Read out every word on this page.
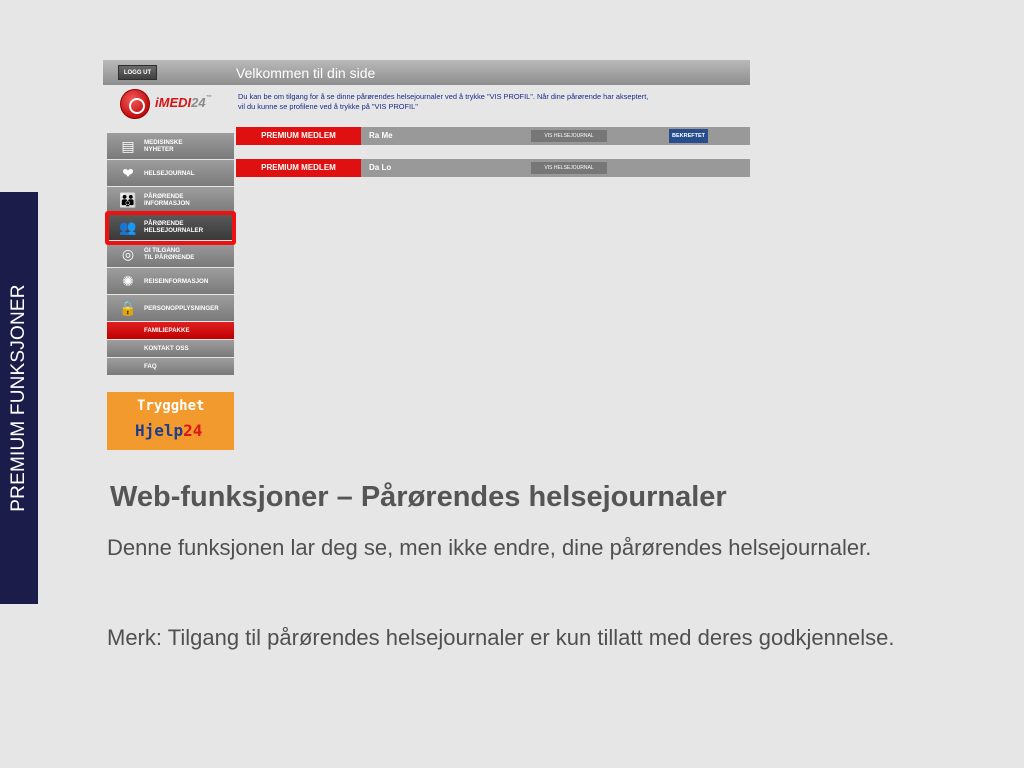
PREMIUM FUNKSJONER
LOGG UT	Velkommen til din side
iMEDI24™	Du kan be om tilgang for å se dinne pårørendes helsejournaler ved å trykke "VIS PROFIL". Når dine pårørende har akseptert,
vil du kunne se profilene ved å trykke på "VIS PROFIL"
PREMIUM MEDLEM	Ra Me	VIS HELSEJOURNAL	BEKREFTET
PREMIUM MEDLEM	Da Lo	VIS HELSEJOURNAL
▤	MEDISINSKE
NYHETER
❤	HELSEJOURNAL
👪	PÅRØRENDE
INFORMASJON
👥	PÅRØRENDE
HELSEJOURNALER
◎	GI TILGANG
TIL PÅRØRENDE
✺	REISEINFORMASJON
🔒	PERSONOPPLYSNINGER
FAMILIEPAKKE
KONTAKT OSS
FAQ
Trygghet
Hjelp24
Web-funksjoner – Pårørendes helsejournaler
Denne funksjonen lar deg se, men ikke endre, dine pårørendes helsejournaler.
Merk: Tilgang til pårørendes helsejournaler er kun tillatt med deres godkjennelse.
